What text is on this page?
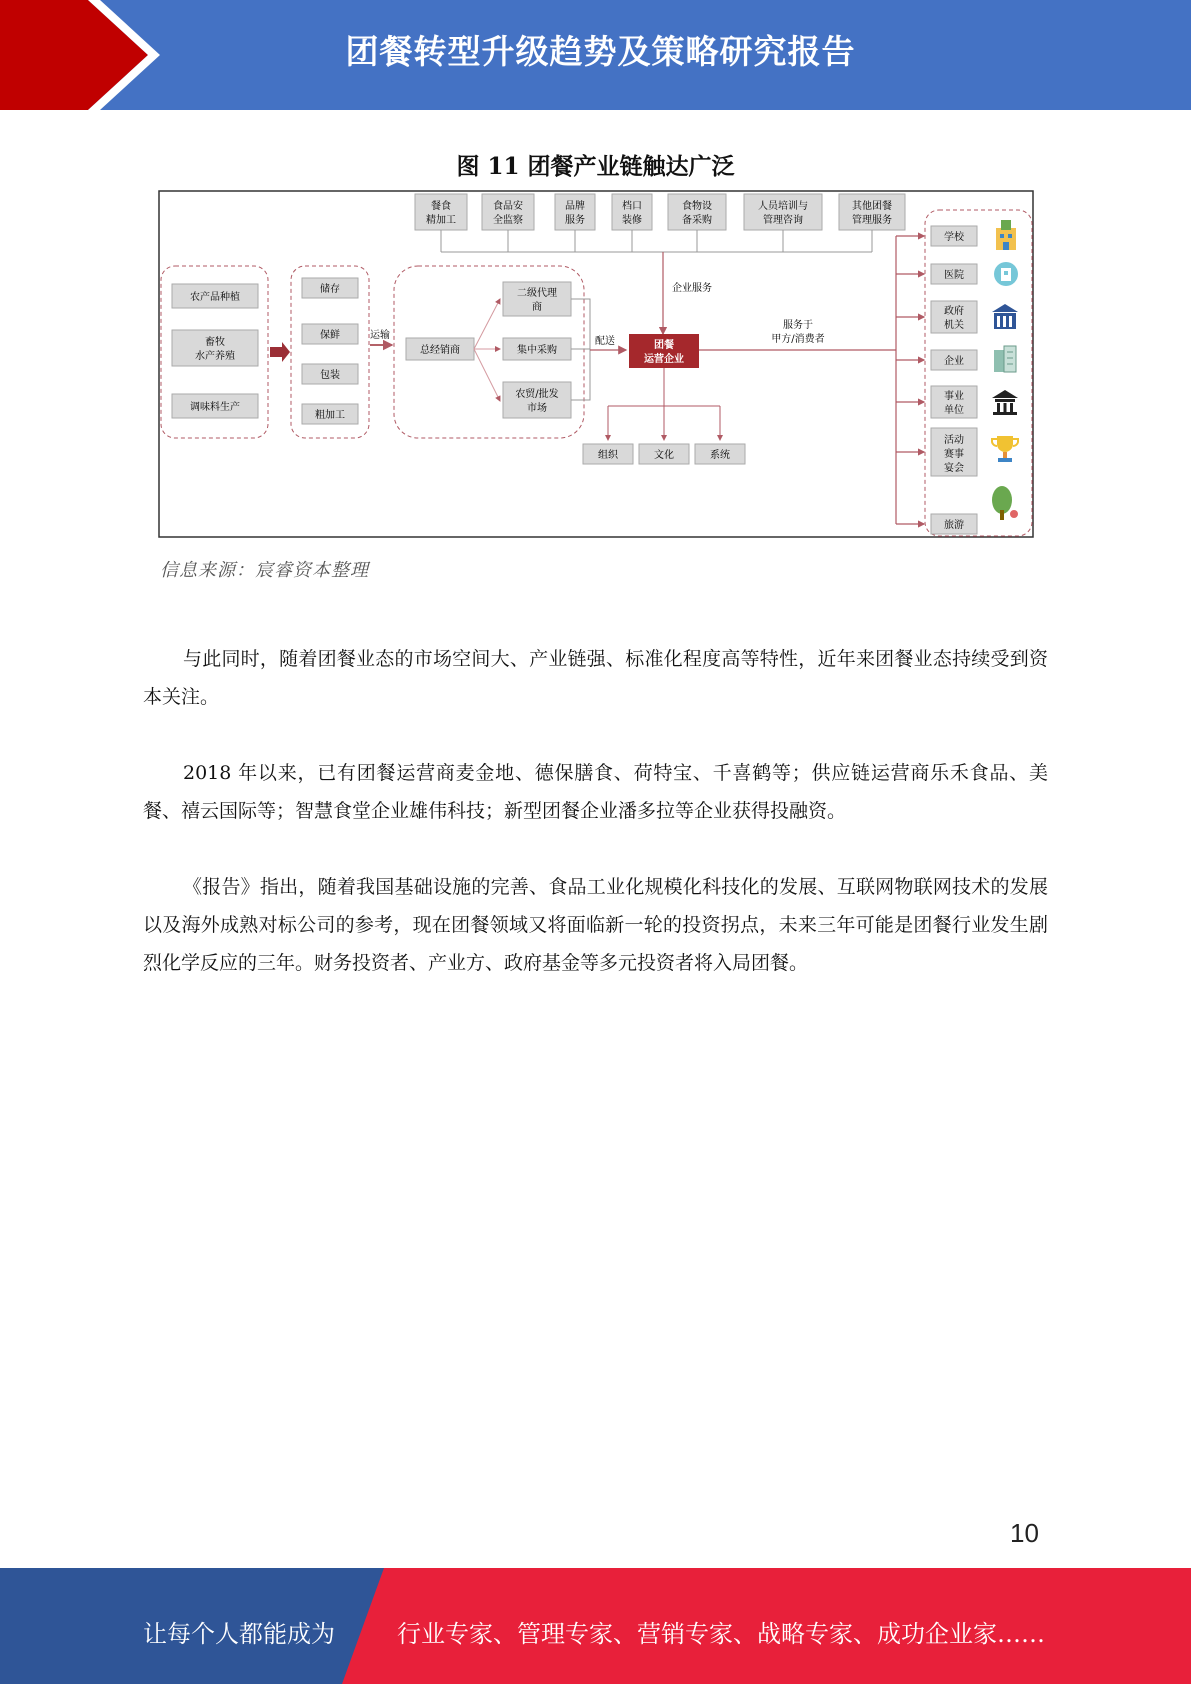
团餐转型升级趋势及策略研究报告
图 11 团餐产业链触达广泛
餐食
精加工
食品安
全监察
品牌
服务
档口
装修
食物设
备采购
人员培训与
管理咨询
其他团餐
管理服务
企业服务
农产品种植
畜牧
水产养殖
调味料生产
储存
保鲜
包装
粗加工
运输
总经销商
二级代理
商
集中采购
农贸/批发
市场
配送	团餐
运营企业
服务于
甲方/消费者
组织	文化	系统
学校
医院
政府
机关
企业
事业
单位
活动
赛事
宴会
旅游
信息来源：宸睿资本整理

与此同时，随着团餐业态的市场空间大、产业链强、标准化程度高等特性，近年来团餐业态持续受到资本关注。

2018 年以来，已有团餐运营商麦金地、德保膳食、荷特宝、千喜鹤等；供应链运营商乐禾食品、美餐、禧云国际等；智慧食堂企业雄伟科技；新型团餐企业潘多拉等企业获得投融资。

《报告》指出，随着我国基础设施的完善、食品工业化规模化科技化的发展、互联网物联网技术的发展以及海外成熟对标公司的参考，现在团餐领域又将面临新一轮的投资拐点，未来三年可能是团餐行业发生剧烈化学反应的三年。财务投资者、产业方、政府基金等多元投资者将入局团餐。

10
让每个人都能成为	行业专家、管理专家、营销专家、战略专家、成功企业家……
